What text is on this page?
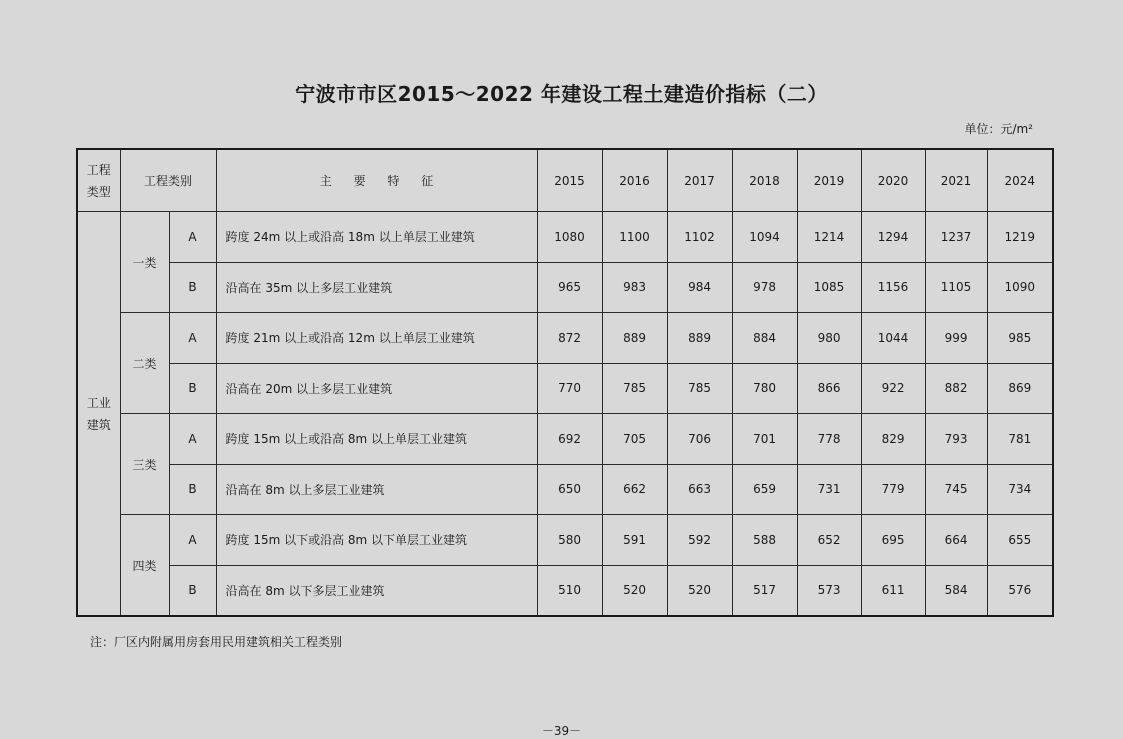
宁波市市区2015～2022 年建设工程土建造价指标（二）
单位：元/m²
工程
类型	工程类别		主 要 特 征	2015	2016	2017	2018	2019	2020	2021	2024
工业
建筑	一类	A	跨度 24m 以上或沿高 18m 以上单层工业建筑	1080	1100	1102	1094	1214	1294	1237	1219
		B	沿高在 35m 以上多层工业建筑	965	983	984	978	1085	1156	1105	1090
	二类	A	跨度 21m 以上或沿高 12m 以上单层工业建筑	872	889	889	884	980	1044	999	985
		B	沿高在 20m 以上多层工业建筑	770	785	785	780	866	922	882	869
	三类	A	跨度 15m 以上或沿高 8m 以上单层工业建筑	692	705	706	701	778	829	793	781
		B	沿高在 8m 以上多层工业建筑	650	662	663	659	731	779	745	734
	四类	A	跨度 15m 以下或沿高 8m 以下单层工业建筑	580	591	592	588	652	695	664	655
		B	沿高在 8m 以下多层工业建筑	510	520	520	517	573	611	584	576
注：厂区内附属用房套用民用建筑相关工程类别
－39－
